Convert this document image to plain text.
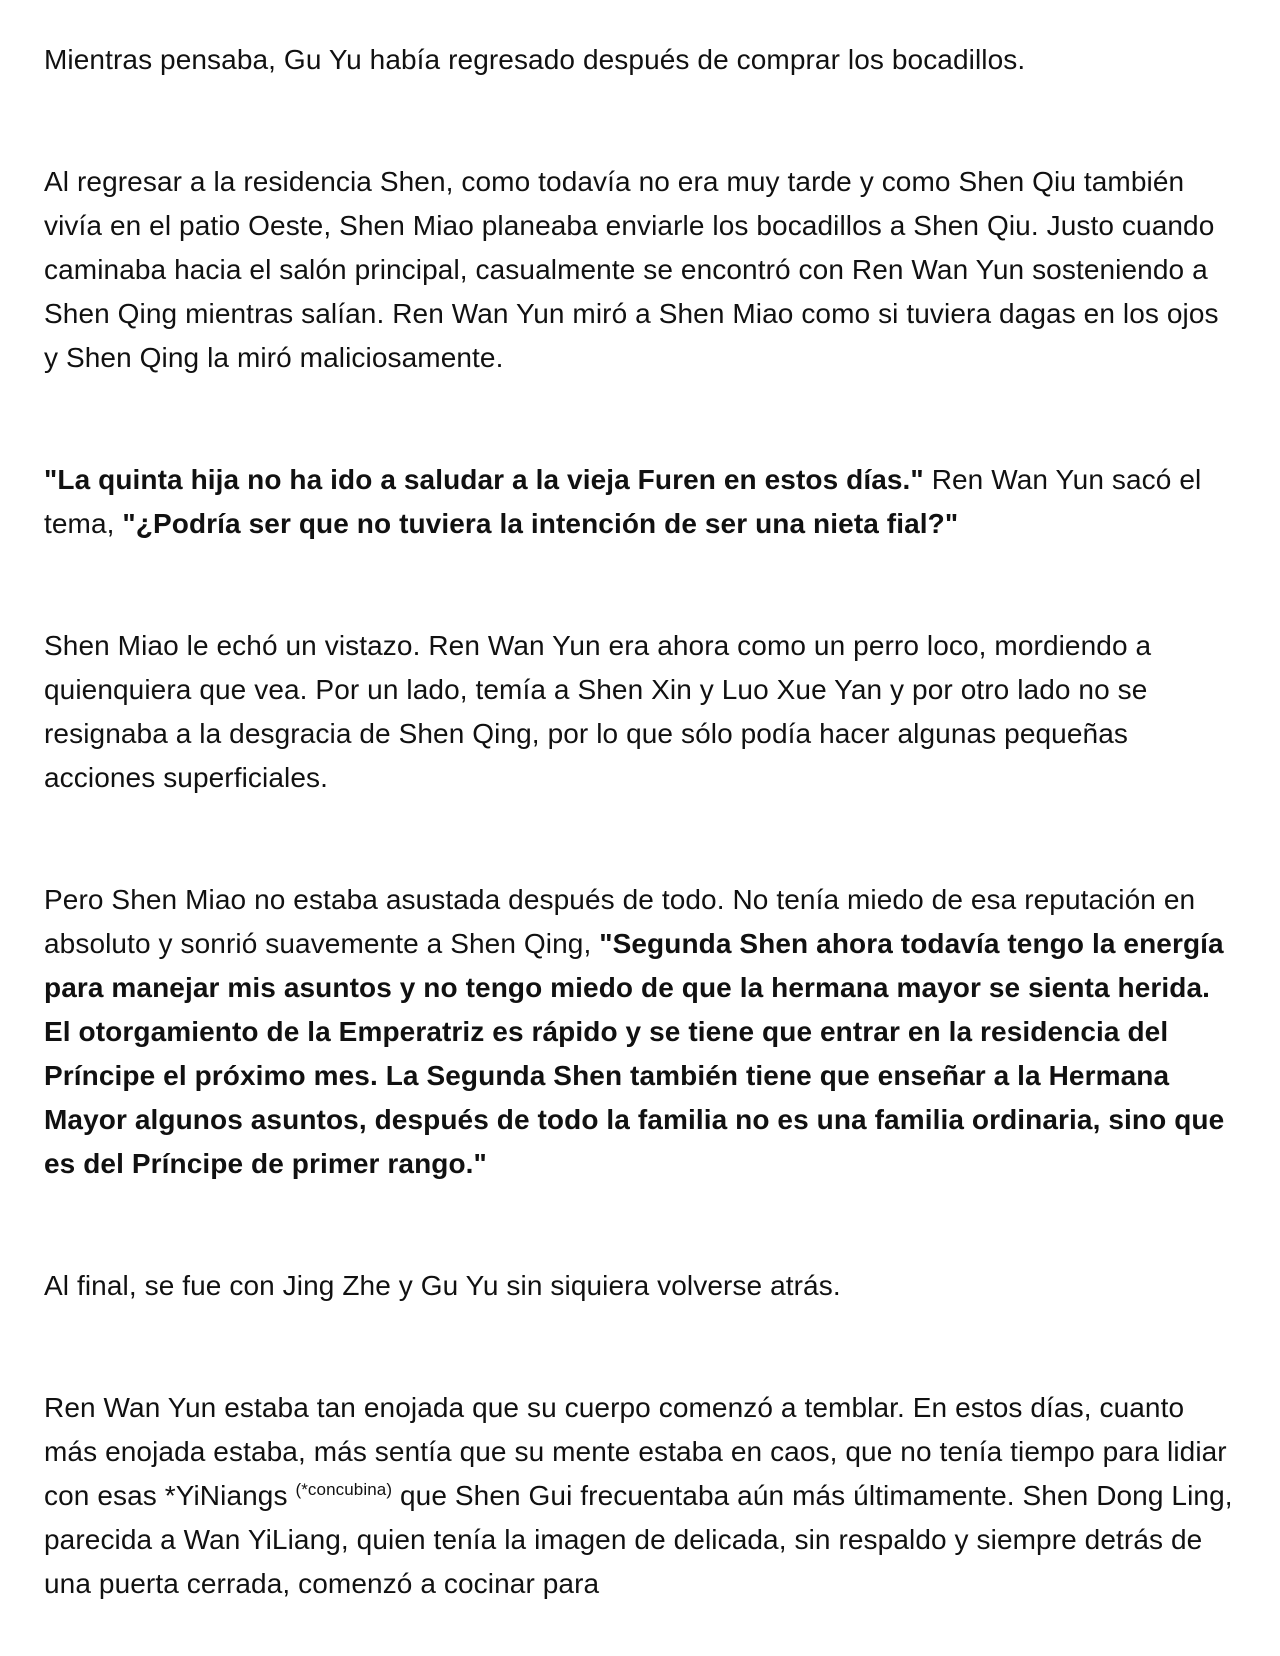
Mientras pensaba, Gu Yu había regresado después de comprar los bocadillos.

Al regresar a la residencia Shen, como todavía no era muy tarde y como Shen Qiu también vivía en el patio Oeste, Shen Miao planeaba enviarle los bocadillos a Shen Qiu. Justo cuando caminaba hacia el salón principal, casualmente se encontró con Ren Wan Yun sosteniendo a Shen Qing mientras salían. Ren Wan Yun miró a Shen Miao como si tuviera dagas en los ojos y Shen Qing la miró maliciosamente.

"La quinta hija no ha ido a saludar a la vieja Furen en estos días." Ren Wan Yun sacó el tema, "¿Podría ser que no tuviera la intención de ser una nieta fial?"

Shen Miao le echó un vistazo. Ren Wan Yun era ahora como un perro loco, mordiendo a quienquiera que vea. Por un lado, temía a Shen Xin y Luo Xue Yan y por otro lado no se resignaba a la desgracia de Shen Qing, por lo que sólo podía hacer algunas pequeñas acciones superficiales.

Pero Shen Miao no estaba asustada después de todo. No tenía miedo de esa reputación en absoluto y sonrió suavemente a Shen Qing, "Segunda Shen ahora todavía tengo la energía para manejar mis asuntos y no tengo miedo de que la hermana mayor se sienta herida. El otorgamiento de la Emperatriz es rápido y se tiene que entrar en la residencia del Príncipe el próximo mes. La Segunda Shen también tiene que enseñar a la Hermana Mayor algunos asuntos, después de todo la familia no es una familia ordinaria, sino que es del Príncipe de primer rango."

Al final, se fue con Jing Zhe y Gu Yu sin siquiera volverse atrás.

Ren Wan Yun estaba tan enojada que su cuerpo comenzó a temblar. En estos días, cuanto más enojada estaba, más sentía que su mente estaba en caos, que no tenía tiempo para lidiar con esas *YiNiangs $^{(*concubina)}$ que Shen Gui frecuentaba aún más últimamente. Shen Dong Ling, parecida a Wan YiLiang, quien tenía la imagen de delicada, sin respaldo y siempre detrás de una puerta cerrada, comenzó a cocinar para
